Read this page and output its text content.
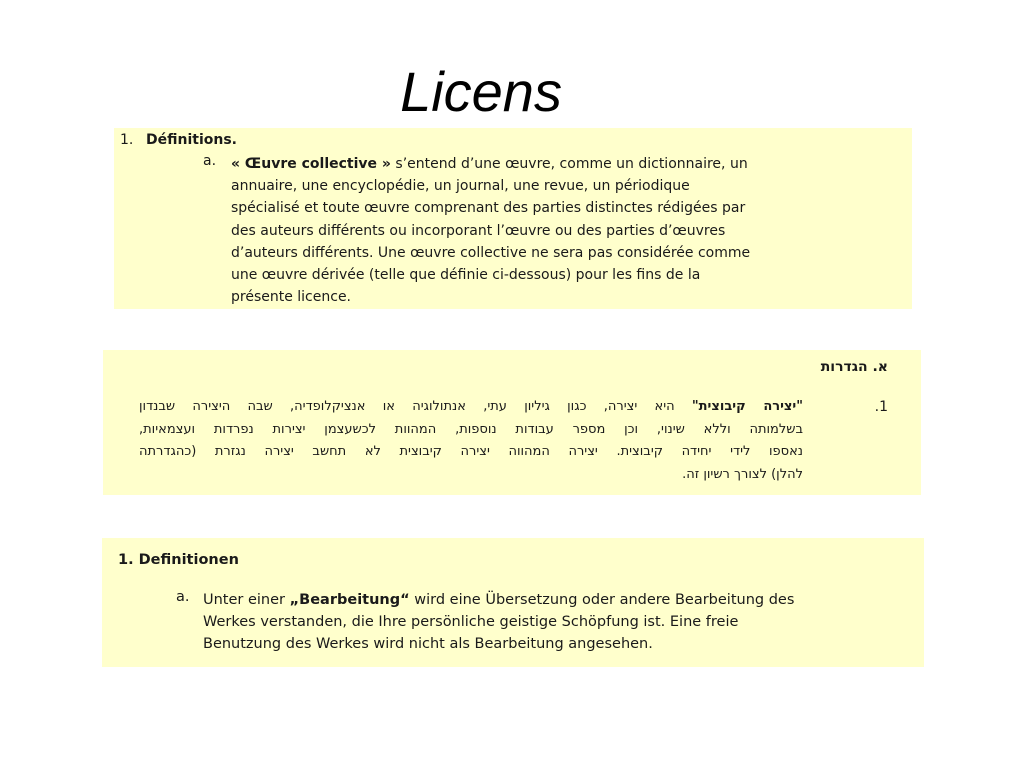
Licens
1. Définitions.
a. « Œuvre collective » s’entend d’une œuvre, comme un dictionnaire, un

annuaire, une encyclopédie, un journal, une revue, un périodique

spécialisé et toute œuvre comprenant des parties distinctes rédigées par

des auteurs différents ou incorporant l’œuvre ou des parties d’œuvres

d’auteurs différents. Une œuvre collective ne sera pas considérée comme

une œuvre dérivée (telle que définie ci-dessous) pour les fins de la

présente licence.

א. הגדרות
1.

"יצירה קיבוצית" היא יצירה, כגון גיליון עתי, אנתולוגיה או אנציקלופדיה, שבה היצירה שבנדון

בשלמותה וללא שינוי, וכן מספר עבודות נוספות, המהוות לכשעצמן יצירות נפרדות ועצמאיות,

נאספו לידי יחידה קיבוצית. יצירה המהווה יצירה קיבוצית לא תחשב יצירה נגזרת (כהגדרתה

להלן) לצורך רשיון זה.

1. Definitionen
a. Unter einer „Bearbeitung“ wird eine Übersetzung oder andere Bearbeitung des

Werkes verstanden, die Ihre persönliche geistige Schöpfung ist. Eine freie

Benutzung des Werkes wird nicht als Bearbeitung angesehen.
